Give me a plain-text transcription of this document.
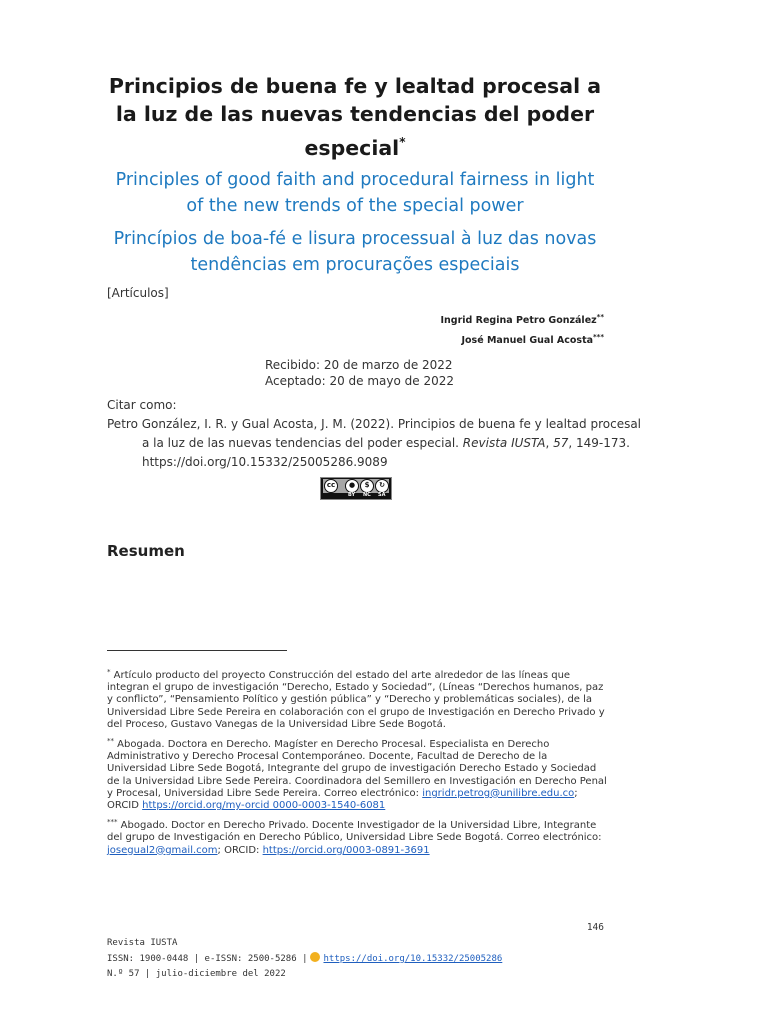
Principios de buena fe y lealtad procesal a
la luz de las nuevas tendencias del poder
especial*
Principles of good faith and procedural fairness in light
of the new trends of the special power
Princípios de boa-fé e lisura processual à luz das novas
tendências em procurações especiais
[Artículos]
Ingrid Regina Petro González**
José Manuel Gual Acosta***
Recibido: 20 de marzo de 2022
Aceptado: 20 de mayo de 2022
Citar como:
Petro González, I. R. y Gual Acosta, J. M. (2022). Principios de buena fe y lealtad procesal a la luz de las nuevas tendencias del poder especial. Revista IUSTA, 57, 149-173. https://doi.org/10.15332/25005286.9089
cc	●	$	↻
BY NC SA
Resumen

* Artículo producto del proyecto Construcción del estado del arte alrededor de las líneas que integran el grupo de investigación “Derecho, Estado y Sociedad”, (Líneas “Derechos humanos, paz y conflicto”, “Pensamiento Político y gestión pública” y “Derecho y problemáticas sociales), de la Universidad Libre Sede Pereira en colaboración con el grupo de Investigación en Derecho Privado y del Proceso, Gustavo Vanegas de la Universidad Libre Sede Bogotá.

** Abogada. Doctora en Derecho. Magíster en Derecho Procesal. Especialista en Derecho Administrativo y Derecho Procesal Contemporáneo. Docente, Facultad de Derecho de la Universidad Libre Sede Bogotá, Integrante del grupo de investigación Derecho Estado y Sociedad de la Universidad Libre Sede Pereira. Coordinadora del Semillero en Investigación en Derecho Penal y Procesal, Universidad Libre Sede Pereira. Correo electrónico: ingridr.petrog@unilibre.edu.co; ORCID https://orcid.org/my-orcid 0000-0003-1540-6081

*** Abogado. Doctor en Derecho Privado. Docente Investigador de la Universidad Libre, Integrante del grupo de Investigación en Derecho Público, Universidad Libre Sede Bogotá. Correo electrónico: josegual2@gmail.com; ORCID: https://orcid.org/0003-0891-3691

146
Revista IUSTA
ISSN: 1900-0448 | e-ISSN: 2500-5286 | https://doi.org/10.15332/25005286
N.º 57 | julio-diciembre del 2022
